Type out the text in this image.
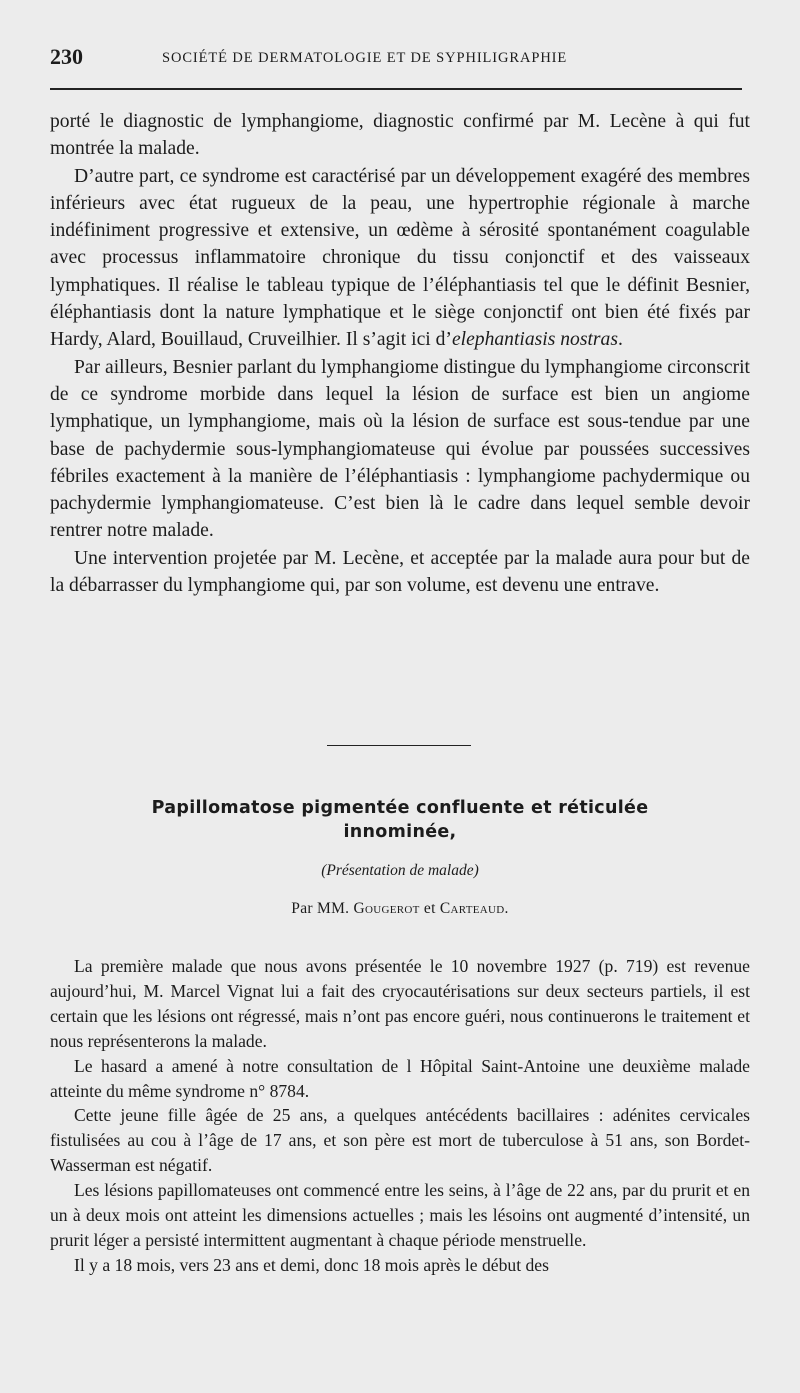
230	SOCIÉTÉ DE DERMATOLOGIE ET DE SYPHILIGRAPHIE

porté le diagnostic de lymphangiome, diagnostic confirmé par M. Lecène à qui fut montrée la malade.

D’autre part, ce syndrome est caractérisé par un développement exagéré des membres inférieurs avec état rugueux de la peau, une hypertrophie régionale à marche indéfiniment progressive et extensive, un œdème à sérosité spontanément coagulable avec processus inflammatoire chronique du tissu conjonctif et des vaisseaux lymphatiques. Il réalise le tableau typique de l’éléphantiasis tel que le définit Besnier, éléphantiasis dont la nature lymphatique et le siège conjonctif ont bien été fixés par Hardy, Alard, Bouillaud, Cruveilhier. Il s’agit ici d’elephantiasis nostras.

Par ailleurs, Besnier parlant du lymphangiome distingue du lymphangiome circonscrit de ce syndrome morbide dans lequel la lésion de surface est bien un angiome lymphatique, un lymphangiome, mais où la lésion de surface est sous-tendue par une base de pachydermie sous-lymphangiomateuse qui évolue par poussées successives fébriles exactement à la manière de l’éléphantiasis : lymphangiome pachydermique ou pachydermie lymphangiomateuse. C’est bien là le cadre dans lequel semble devoir rentrer notre malade.

Une intervention projetée par M. Lecène, et acceptée par la malade aura pour but de la débarrasser du lymphangiome qui, par son volume, est devenu une entrave.

Papillomatose pigmentée confluente et réticulée
innominée,
(Présentation de malade)
Par MM. Gougerot et Carteaud.

La première malade que nous avons présentée le 10 novembre 1927 (p. 719) est revenue aujourd’hui, M. Marcel Vignat lui a fait des cryocautérisations sur deux secteurs partiels, il est certain que les lésions ont régressé, mais n’ont pas encore guéri, nous continuerons le traitement et nous représenterons la malade.

Le hasard a amené à notre consultation de l Hôpital Saint-Antoine une deuxième malade atteinte du même syndrome n° 8784.

Cette jeune fille âgée de 25 ans, a quelques antécédents bacillaires : adénites cervicales fistulisées au cou à l’âge de 17 ans, et son père est mort de tuberculose à 51 ans, son Bordet-Wasserman est négatif.

Les lésions papillomateuses ont commencé entre les seins, à l’âge de 22 ans, par du prurit et en un à deux mois ont atteint les dimensions actuelles ; mais les lésoins ont augmenté d’intensité, un prurit léger a persisté intermittent augmentant à chaque période menstruelle.

Il y a 18 mois, vers 23 ans et demi, donc 18 mois après le début des
